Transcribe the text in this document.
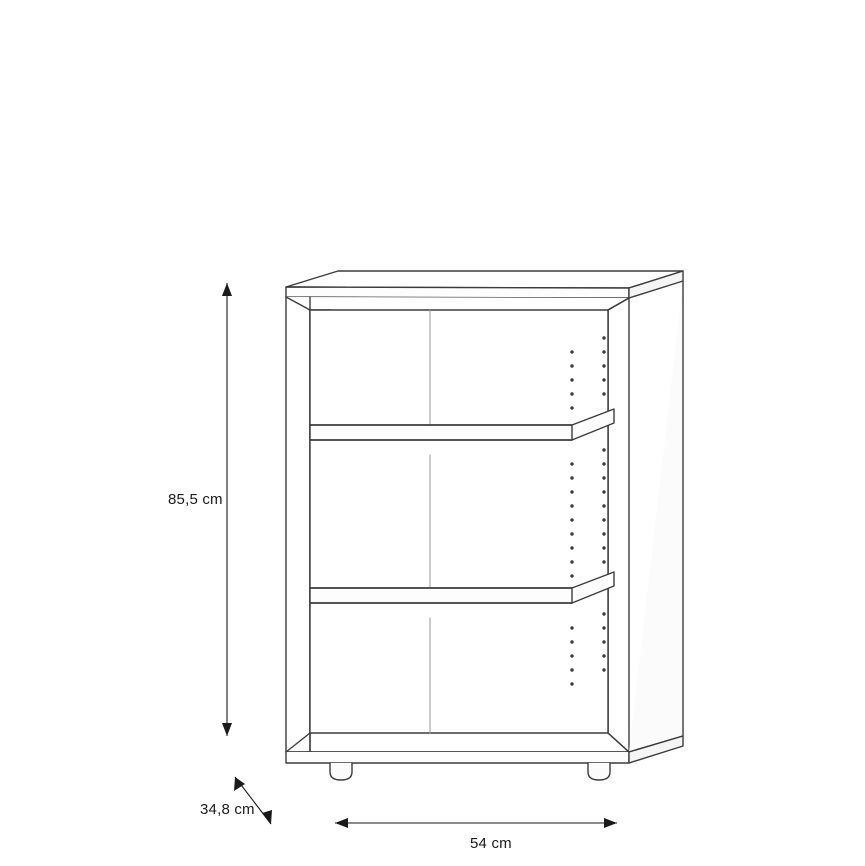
85,5 cm
34,8 cm
54 cm
